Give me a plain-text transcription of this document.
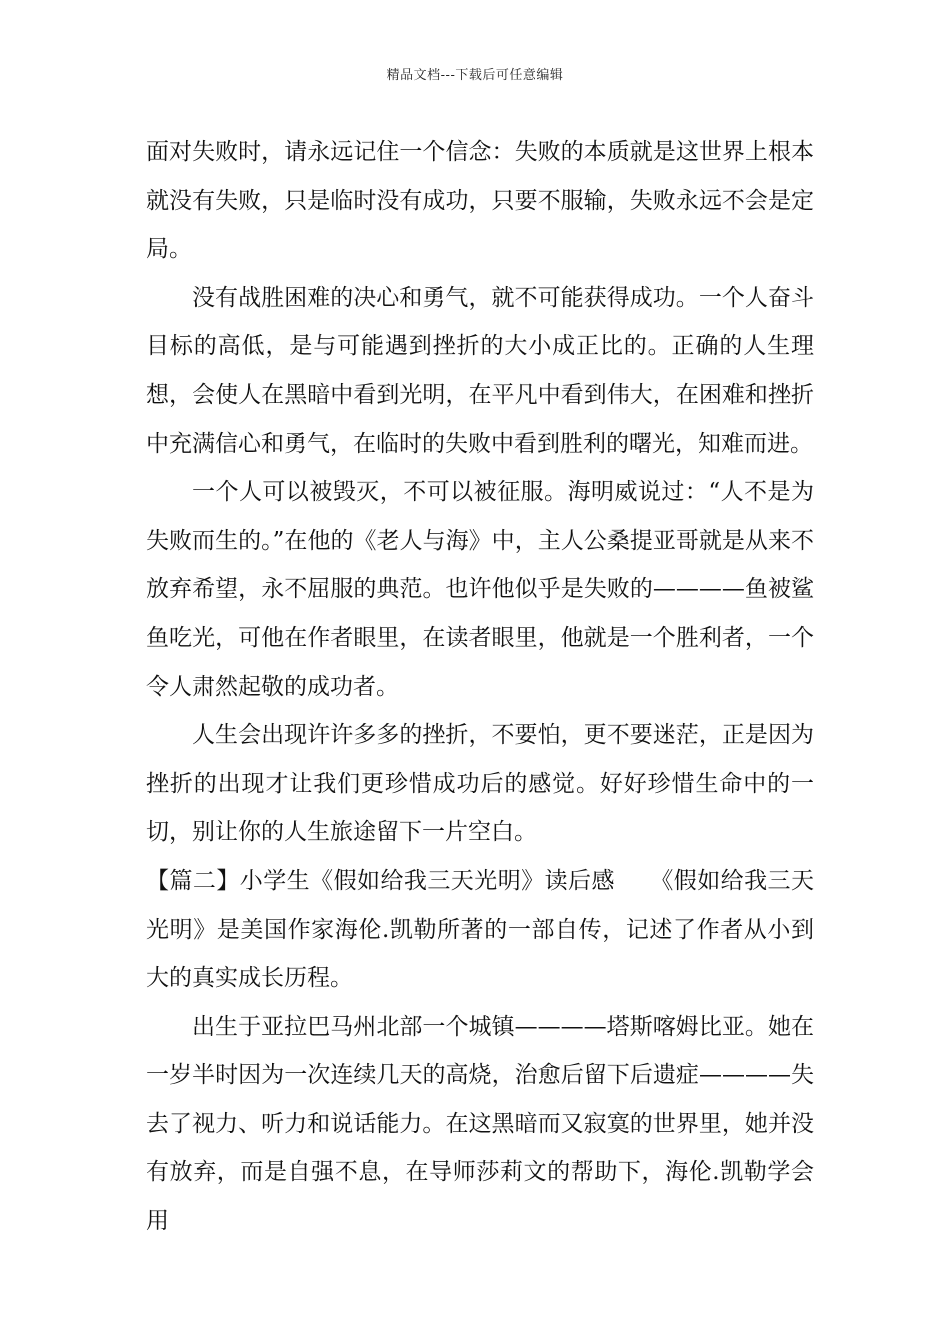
精品文档---下载后可任意编辑

面对失败时，请永远记住一个信念：失败的本质就是这世界上根本就没有失败，只是临时没有成功，只要不服输，失败永远不会是定局。

没有战胜困难的决心和勇气，就不可能获得成功。一个人奋斗目标的高低，是与可能遇到挫折的大小成正比的。正确的人生理想，会使人在黑暗中看到光明，在平凡中看到伟大，在困难和挫折中充满信心和勇气，在临时的失败中看到胜利的曙光，知难而进。

一个人可以被毁灭，不可以被征服。海明威说过：“人不是为失败而生的。”在他的《老人与海》中，主人公桑提亚哥就是从来不放弃希望，永不屈服的典范。也许他似乎是失败的————鱼被鲨鱼吃光，可他在作者眼里，在读者眼里，他就是一个胜利者，一个令人肃然起敬的成功者。

人生会出现许许多多的挫折，不要怕，更不要迷茫，正是因为挫折的出现才让我们更珍惜成功后的感觉。好好珍惜生命中的一切，别让你的人生旅途留下一片空白。

【篇二】小学生《假如给我三天光明》读后感　　《假如给我三天光明》是美国作家海伦.凯勒所著的一部自传，记述了作者从小到大的真实成长历程。

出生于亚拉巴马州北部一个城镇————塔斯喀姆比亚。她在一岁半时因为一次连续几天的高烧，治愈后留下后遗症————失去了视力、听力和说话能力。在这黑暗而又寂寞的世界里，她并没有放弃，而是自强不息，在导师莎莉文的帮助下，海伦.凯勒学会用
